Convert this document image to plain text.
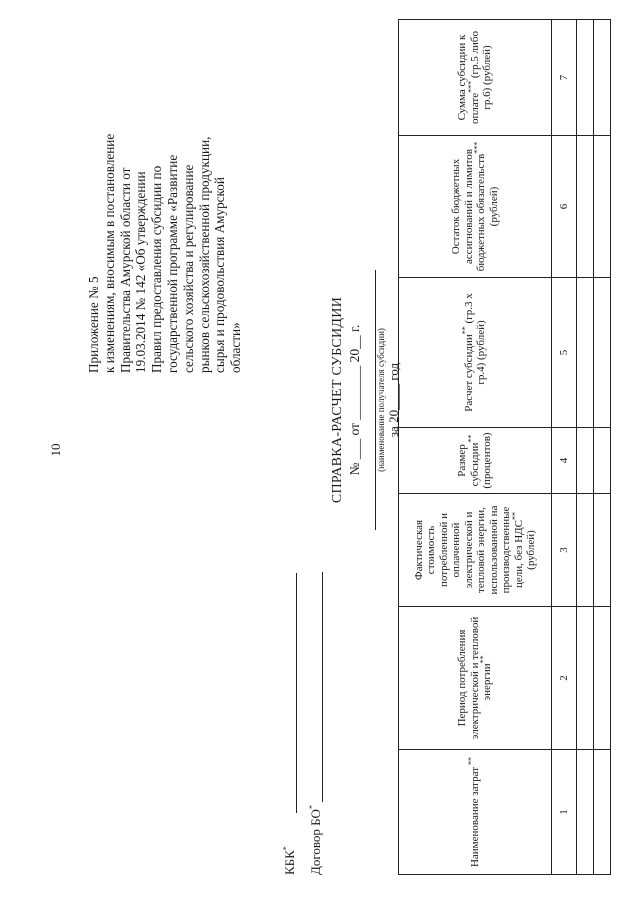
10
Приложение № 5 к изменениям, вносимым в постановление Правительства Амурской области от 19.03.2014 № 142 «Об утверждении Правил предоставления субсидии по государственной программе «Развитие сельского хозяйства и регулирование рынков сельскохозяйственной продукции, сырья и продовольствия Амурской области»
КБК*	Договор БО*
СПРАВКА-РАСЧЕТ СУБСИДИИ № ___ от ________ 20__ г. (наименование получателя субсидии) за 20____ год
Наименование затрат **	Период потребления электрической и тепловой энергии**	Фактическая стоимость потребленной и оплаченной электрической и тепловой энергии, использованной на производственные цели, без НДС** (рублей)	Размер субсидии** (процентов)	Расчет субсидии** (гр.3 х гр.4) (рублей)	Остаток бюджетных ассигнований и лимитов бюджетных обязательств*** (рублей)	Сумма субсидии к оплате*** (гр.5 либо гр.6) (рублей)
1	2	3	4	5	6	7
